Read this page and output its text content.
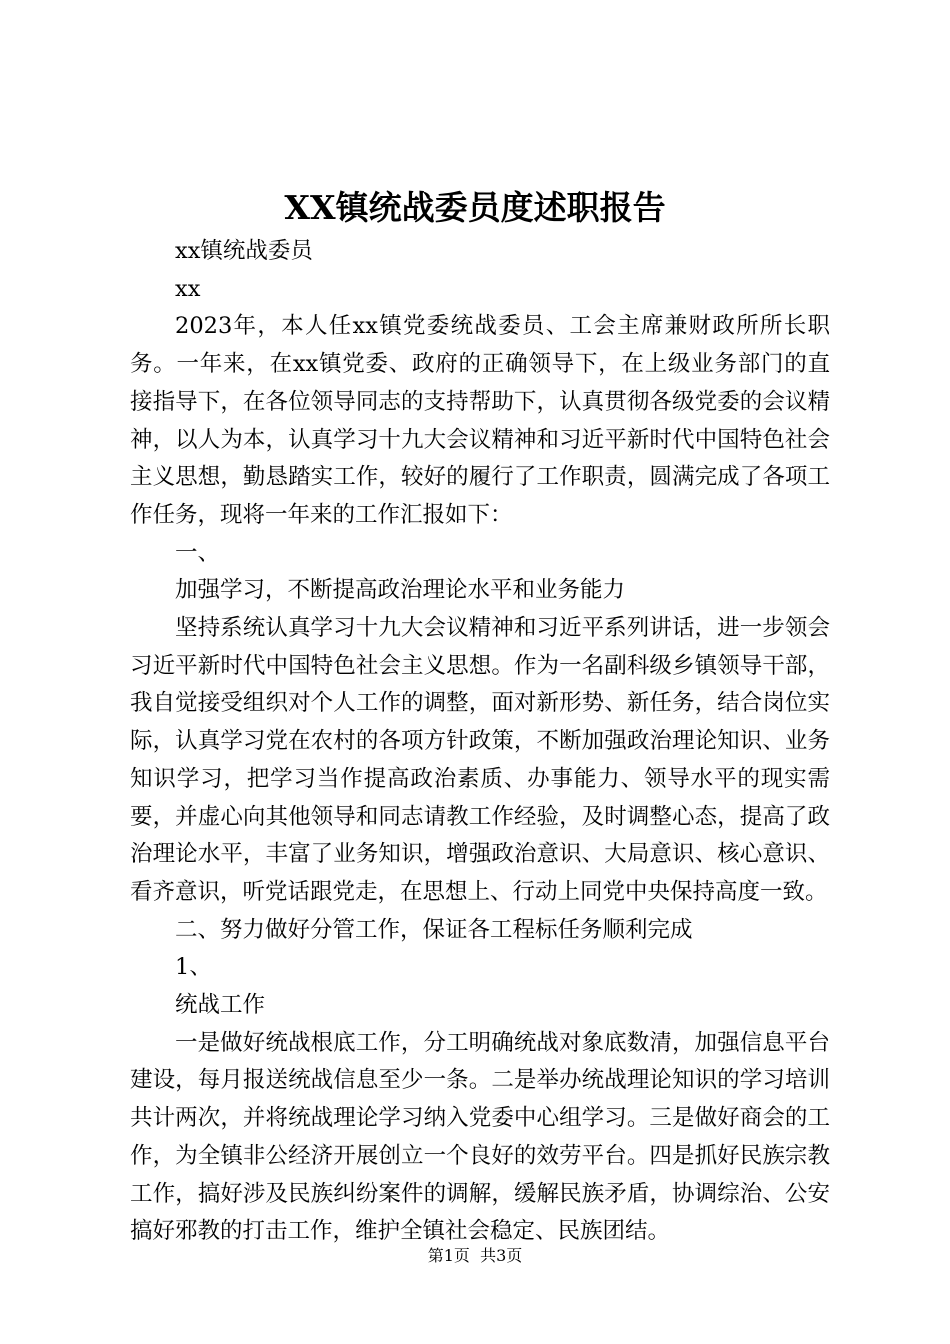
XX镇统战委员度述职报告

xx镇统战委员

xx

2023年，本人任xx镇党委统战委员、工会主席兼财政所所长职务。一年来，在xx镇党委、政府的正确领导下，在上级业务部门的直接指导下，在各位领导同志的支持帮助下，认真贯彻各级党委的会议精神，以人为本，认真学习十九大会议精神和习近平新时代中国特色社会主义思想，勤恳踏实工作，较好的履行了工作职责，圆满完成了各项工作任务，现将一年来的工作汇报如下：

一、

加强学习，不断提高政治理论水平和业务能力

坚持系统认真学习十九大会议精神和习近平系列讲话，进一步领会习近平新时代中国特色社会主义思想。作为一名副科级乡镇领导干部，我自觉接受组织对个人工作的调整，面对新形势、新任务，结合岗位实际，认真学习党在农村的各项方针政策，不断加强政治理论知识、业务知识学习，把学习当作提高政治素质、办事能力、领导水平的现实需要，并虚心向其他领导和同志请教工作经验，及时调整心态，提高了政治理论水平，丰富了业务知识，增强政治意识、大局意识、核心意识、看齐意识，听党话跟党走，在思想上、行动上同党中央保持高度一致。

二、努力做好分管工作，保证各工程标任务顺利完成

1、

统战工作

一是做好统战根底工作，分工明确统战对象底数清，加强信息平台建设，每月报送统战信息至少一条。二是举办统战理论知识的学习培训共计两次，并将统战理论学习纳入党委中心组学习。三是做好商会的工作，为全镇非公经济开展创立一个良好的效劳平台。四是抓好民族宗教工作，搞好涉及民族纠纷案件的调解，缓解民族矛盾，协调综治、公安搞好邪教的打击工作，维护全镇社会稳定、民族团结。

第1页  共3页
